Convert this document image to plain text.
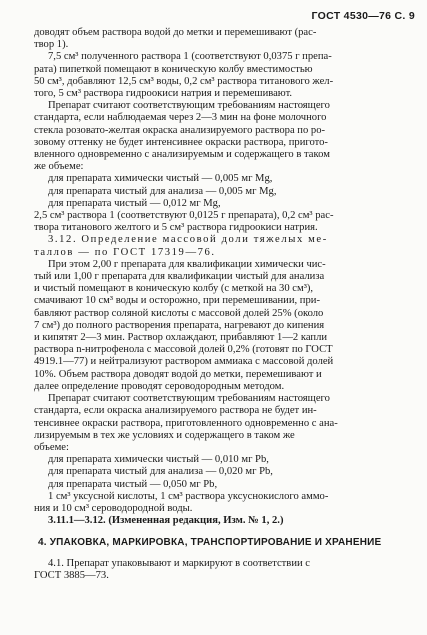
ГОСТ 4530—76 С. 9
доводят объем раствора водой до метки и перемешивают (рас-
твор 1).
7,5 см³ полученного раствора 1 (соответствуют 0,0375 г препа-
рата) пипеткой помещают в коническую колбу вместимостью
50 см³, добавляют 12,5 см³ воды, 0,2 см³ раствора титанового жел-
того, 5 см³ раствора гидроокиси натрия и перемешивают.
Препарат считают соответствующим требованиям настоящего
стандарта, если наблюдаемая через 2—3 мин на фоне молочного
стекла розовато-желтая окраска анализируемого раствора по ро-
зовому оттенку не будет интенсивнее окраски раствора, пригото-
вленного одновременно с анализируемым и содержащего в таком
же объеме:
для препарата химически чистый — 0,005 мг Mg,
для препарата чистый для анализа — 0,005 мг Mg,
для препарата чистый — 0,012 мг Mg,
2,5 см³ раствора 1 (соответствуют 0,0125 г препарата), 0,2 см³ рас-
твора титанового желтого и 5 см³ раствора гидроокиси натрия.
3.12. Определение массовой доли тяжелых ме-
таллов — по ГОСТ 17319—76.
При этом 2,00 г препарата для квалификации химически чис-
тый или 1,00 г препарата для квалификации чистый для анализа
и чистый помещают в коническую колбу (с меткой на 30 см³),
смачивают 10 см³ воды и осторожно, при перемешивании, при-
бавляют раствор соляной кислоты с массовой долей 25% (около
7 см³) до полного растворения препарата, нагревают до кипения
и кипятят 2—3 мин. Раствор охлаждают, прибавляют 1—2 капли
раствора n-нитрофенола с массовой долей 0,2% (готовят по ГОСТ
4919.1—77) и нейтрализуют раствором аммиака с массовой долей
10%. Объем раствора доводят водой до метки, перемешивают и
далее определение проводят сероводородным методом.
Препарат считают соответствующим требованиям настоящего
стандарта, если окраска анализируемого раствора не будет ин-
тенсивнее окраски раствора, приготовленного одновременно с ана-
лизируемым в тех же условиях и содержащего в таком же
объеме:
для препарата химически чистый — 0,010 мг Pb,
для препарата чистый для анализа — 0,020 мг Pb,
для препарата чистый — 0,050 мг Pb,
1 см³ уксусной кислоты, 1 см³ раствора уксуснокислого аммо-
ния и 10 см³ сероводородной воды.
3.11.1—3.12. (Измененная редакция, Изм. № 1, 2.)
4. УПАКОВКА, МАРКИРОВКА, ТРАНСПОРТИРОВАНИЕ И ХРАНЕНИЕ
4.1. Препарат упаковывают и маркируют в соответствии с
ГОСТ 3885—73.
